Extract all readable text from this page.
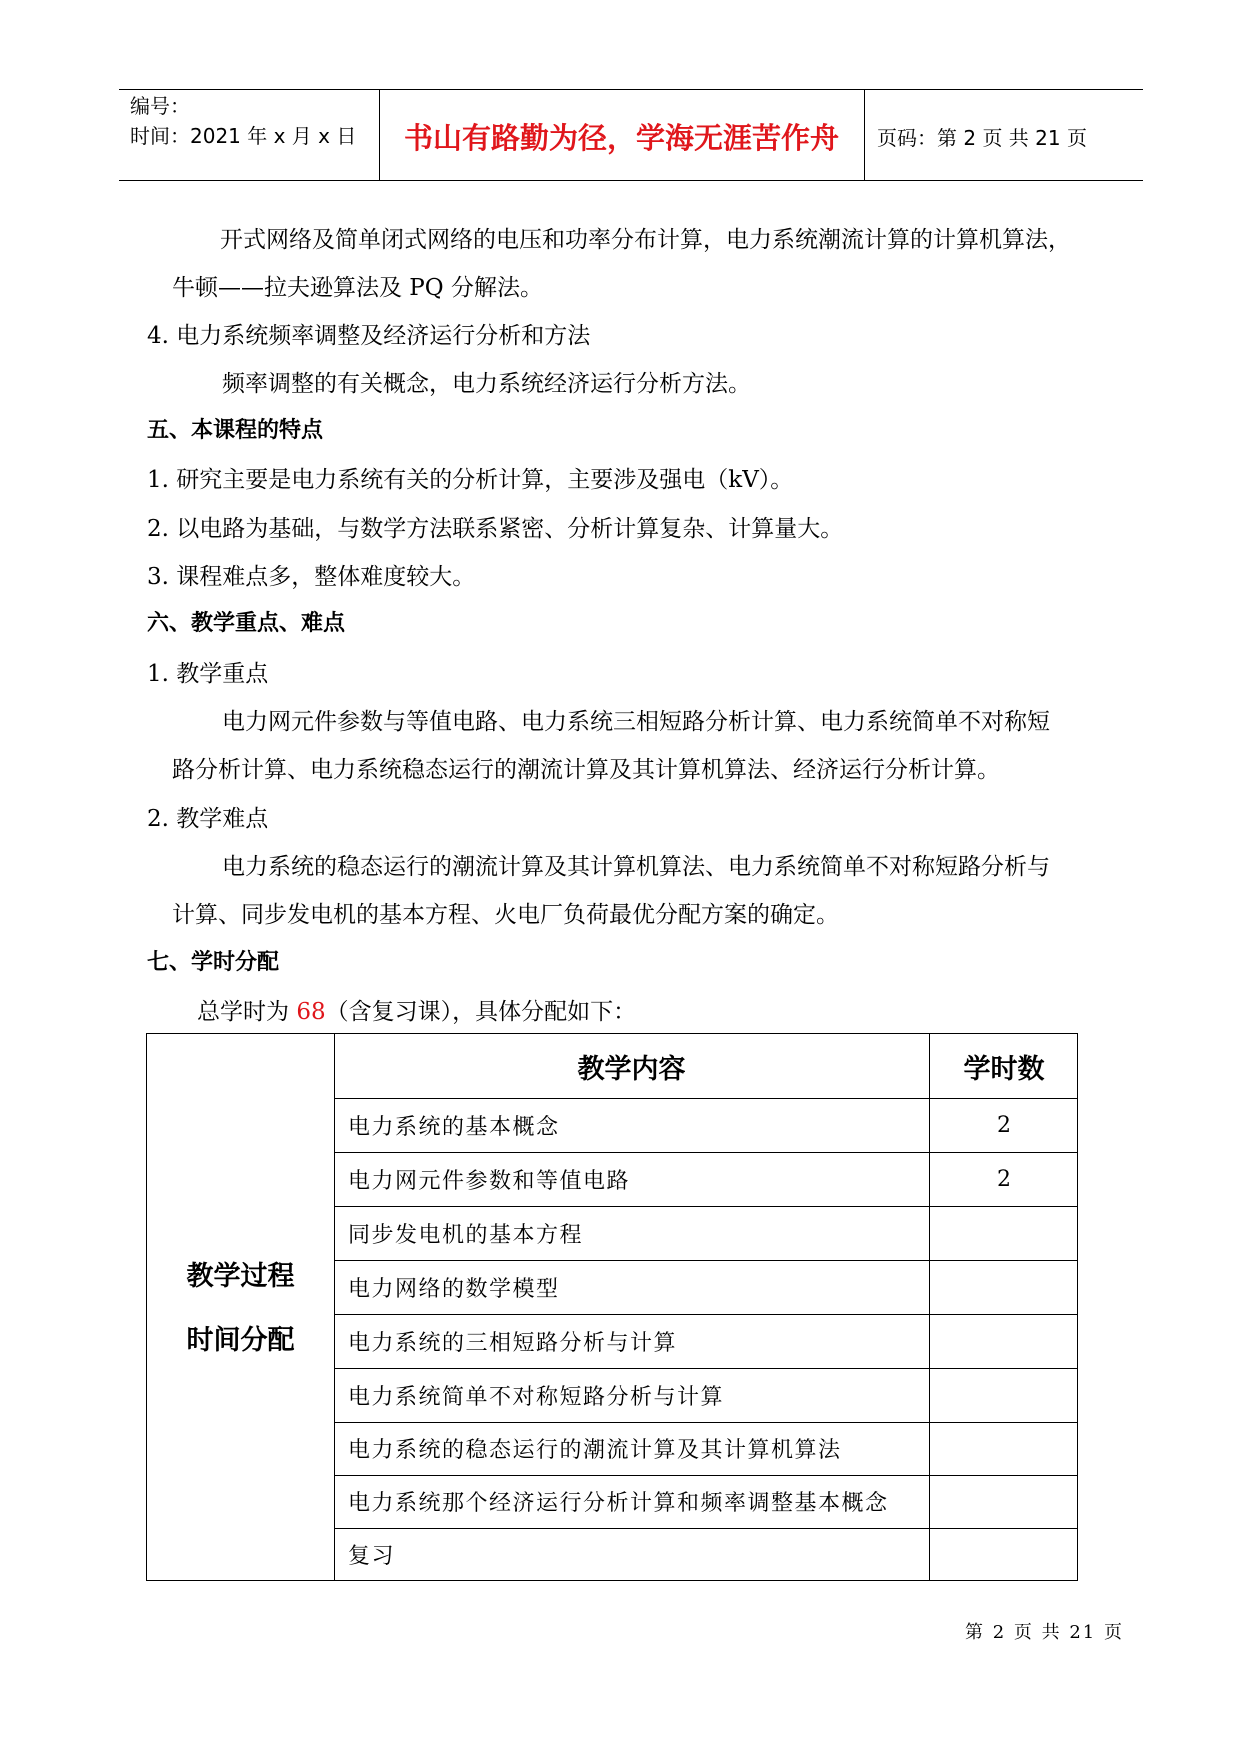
编号：
时间：2021 年 x 月 x 日	书山有路勤为径，学海无涯苦作舟	页码：第 2 页 共 21 页
开式网络及简单闭式网络的电压和功率分布计算，电力系统潮流计算的计算机算法，
牛顿——拉夫逊算法及 PQ 分解法。
4. 电力系统频率调整及经济运行分析和方法
频率调整的有关概念，电力系统经济运行分析方法。
五、本课程的特点
1. 研究主要是电力系统有关的分析计算，主要涉及强电（kV）。
2. 以电路为基础，与数学方法联系紧密、分析计算复杂、计算量大。
3. 课程难点多，整体难度较大。
六、教学重点、难点
1. 教学重点
电力网元件参数与等值电路、电力系统三相短路分析计算、电力系统简单不对称短
路分析计算、电力系统稳态运行的潮流计算及其计算机算法、经济运行分析计算。
2. 教学难点
电力系统的稳态运行的潮流计算及其计算机算法、电力系统简单不对称短路分析与
计算、同步发电机的基本方程、火电厂负荷最优分配方案的确定。
七、学时分配
总学时为 68（含复习课），具体分配如下：
教学过程
时间分配
教学内容	学时数
电力系统的基本概念	2
电力网元件参数和等值电路	2
同步发电机的基本方程
电力网络的数学模型
电力系统的三相短路分析与计算
电力系统简单不对称短路分析与计算
电力系统的稳态运行的潮流计算及其计算机算法
电力系统那个经济运行分析计算和频率调整基本概念
复习
第 2 页 共 21 页
